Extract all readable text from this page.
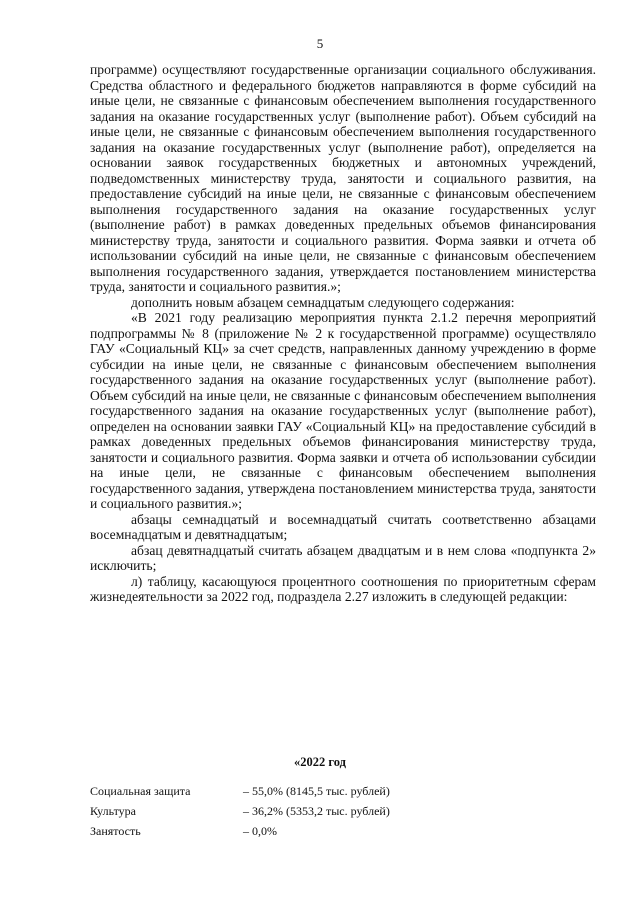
5

программе) осуществляют государственные организации социального обслуживания. Средства областного и федерального бюджетов направляются в форме субсидий на иные цели, не связанные с финансовым обеспечением выполнения государственного задания на оказание государственных услуг (выполнение работ). Объем субсидий на иные цели, не связанные с финансовым обеспечением выполнения государственного задания на оказание государственных услуг (выполнение работ), определяется на основании заявок государственных бюджетных и автономных учреждений, подведомственных министерству труда, занятости и социального развития, на предоставление субсидий на иные цели, не связанные с финансовым обеспечением выполнения государственного задания на оказание государственных услуг (выполнение работ) в рамках доведенных предельных объемов финансирования министерству труда, занятости и социального развития. Форма заявки и отчета об использовании субсидий на иные цели, не связанные с финансовым обеспечением выполнения государственного задания, утверждается постановлением министерства труда, занятости и социального развития.»;

дополнить новым абзацем семнадцатым следующего содержания:

«В 2021 году реализацию мероприятия пункта 2.1.2 перечня мероприятий подпрограммы № 8 (приложение № 2 к государственной программе) осуществляло ГАУ «Социальный КЦ» за счет средств, направленных данному учреждению в форме субсидии на иные цели, не связанные с финансовым обеспечением выполнения государственного задания на оказание государственных услуг (выполнение работ). Объем субсидий на иные цели, не связанные с финансовым обеспечением выполнения государственного задания на оказание государственных услуг (выполнение работ), определен на основании заявки ГАУ «Социальный КЦ» на предоставление субсидий в рамках доведенных предельных объемов финансирования министерству труда, занятости и социального развития. Форма заявки и отчета об использовании субсидии на иные цели, не связанные с финансовым обеспечением выполнения государственного задания, утверждена постановлением министерства труда, занятости и социального развития.»;

абзацы семнадцатый и восемнадцатый считать соответственно абзацами восемнадцатым и девятнадцатым;

абзац девятнадцатый считать абзацем двадцатым и в нем слова «подпункта 2» исключить;

л) таблицу, касающуюся процентного соотношения по приоритетным сферам жизнедеятельности за 2022 год, подраздела 2.27 изложить в следующей редакции:

«2022 год
Социальная защита	– 55,0% (8145,5 тыс. рублей)
Культура	– 36,2% (5353,2 тыс. рублей)
Занятость	– 0,0%
